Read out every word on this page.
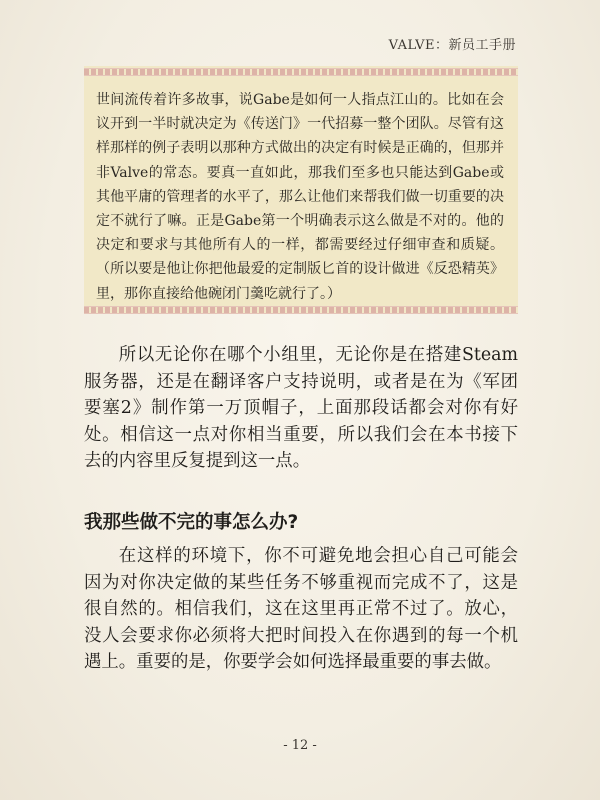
VALVE：新员工手册
世间流传着许多故事，说Gabe是如何一人指点江山的。比如在会议开到一半时就决定为《传送门》一代招募一整个团队。尽管有这样那样的例子表明以那种方式做出的决定有时候是正确的，但那并非Valve的常态。要真一直如此，那我们至多也只能达到Gabe或其他平庸的管理者的水平了，那么让他们来帮我们做一切重要的决定不就行了嘛。正是Gabe第一个明确表示这么做是不对的。他的决定和要求与其他所有人的一样，都需要经过仔细审查和质疑。（所以要是他让你把他最爱的定制版匕首的设计做进《反恐精英》里，那你直接给他碗闭门羹吃就行了。）
所以无论你在哪个小组里，无论你是在搭建Steam服务器，还是在翻译客户支持说明，或者是在为《军团要塞2》制作第一万顶帽子，上面那段话都会对你有好处。相信这一点对你相当重要，所以我们会在本书接下去的内容里反复提到这一点。
我那些做不完的事怎么办?
在这样的环境下，你不可避免地会担心自己可能会因为对你决定做的某些任务不够重视而完成不了，这是很自然的。相信我们，这在这里再正常不过了。放心，没人会要求你必须将大把时间投入在你遇到的每一个机遇上。重要的是，你要学会如何选择最重要的事去做。
- 12 -
